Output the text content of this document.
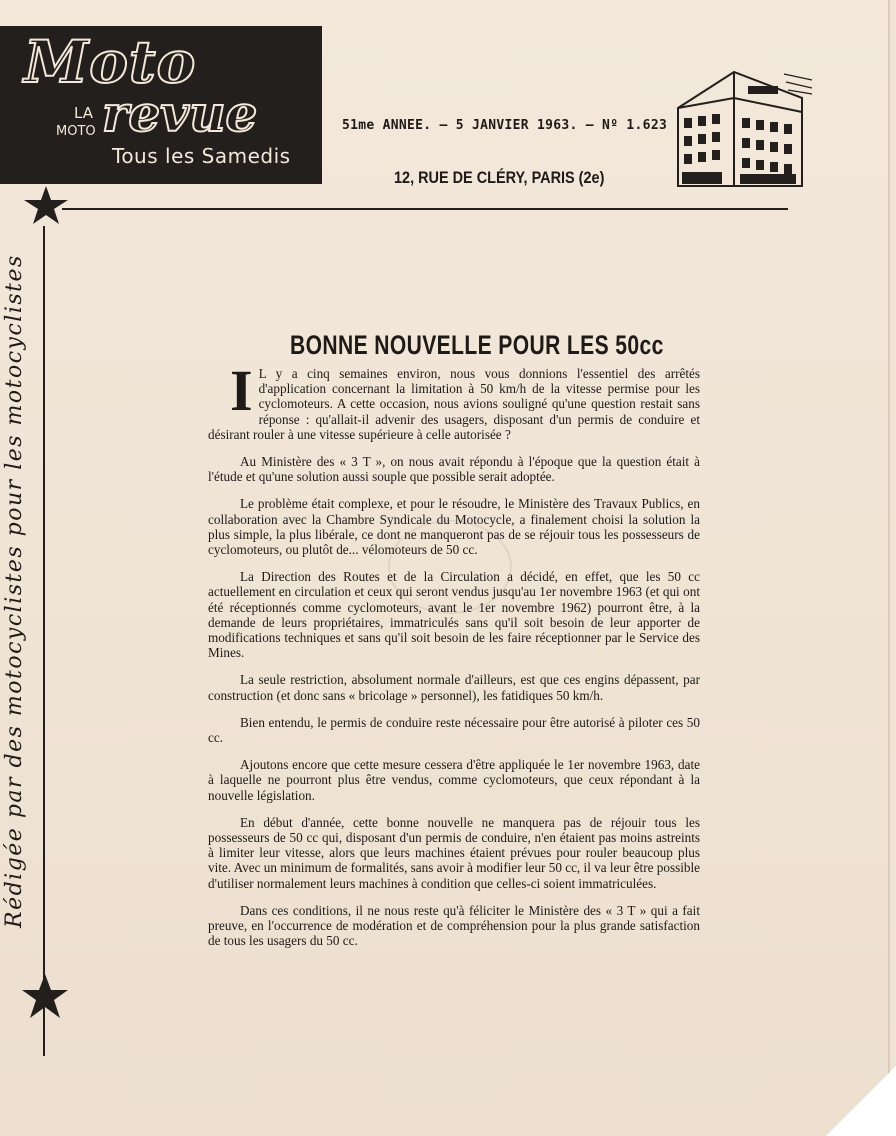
Moto
LA
MOTO revue
Tous les Samedis
51me ANNEE. — 5 JANVIER 1963. — Nº 1.623
12, RUE DE CLÉRY, PARIS (2e)
Rédigée par des motocyclistes pour les motocyclistes	BONNE NOUVELLE POUR LES 50cc

I L y a cinq semaines environ, nous vous donnions l'essentiel des arrêtés d'application concernant la limitation à 50 km/h de la vitesse permise pour les cyclomoteurs. A cette occasion, nous avions souligné qu'une question restait sans réponse : qu'allait-il advenir des usagers, disposant d'un permis de conduire et désirant rouler à une vitesse supérieure à celle autorisée ?

Au Ministère des « 3 T », on nous avait répondu à l'époque que la question était à l'étude et qu'une solution aussi souple que possible serait adoptée.

Le problème était complexe, et pour le résoudre, le Ministère des Travaux Publics, en collaboration avec la Chambre Syndicale du Motocycle, a finalement choisi la solution la plus simple, la plus libérale, ce dont ne manqueront pas de se réjouir tous les possesseurs de cyclomoteurs, ou plutôt de... vélomoteurs de 50 cc.

La Direction des Routes et de la Circulation a décidé, en effet, que les 50 cc actuellement en circulation et ceux qui seront vendus jusqu'au 1er novembre 1963 (et qui ont été réceptionnés comme cyclomoteurs, avant le 1er novembre 1962) pourront être, à la demande de leurs propriétaires, immatriculés sans qu'il soit besoin de leur apporter de modifications techniques et sans qu'il soit besoin de les faire réceptionner par le Service des Mines.

La seule restriction, absolument normale d'ailleurs, est que ces engins dépassent, par construction (et donc sans « bricolage » personnel), les fatidiques 50 km/h.

Bien entendu, le permis de conduire reste nécessaire pour être autorisé à piloter ces 50 cc.

Ajoutons encore que cette mesure cessera d'être appliquée le 1er novembre 1963, date à laquelle ne pourront plus être vendus, comme cyclomoteurs, que ceux répondant à la nouvelle législation.

En début d'année, cette bonne nouvelle ne manquera pas de réjouir tous les possesseurs de 50 cc qui, disposant d'un permis de conduire, n'en étaient pas moins astreints à limiter leur vitesse, alors que leurs machines étaient prévues pour rouler beaucoup plus vite. Avec un minimum de formalités, sans avoir à modifier leur 50 cc, il va leur être possible d'utiliser normalement leurs machines à condition que celles-ci soient immatriculées.

Dans ces conditions, il ne nous reste qu'à féliciter le Ministère des « 3 T » qui a fait preuve, en l'occurrence de modération et de compréhension pour la plus grande satisfaction de tous les usagers du 50 cc.
